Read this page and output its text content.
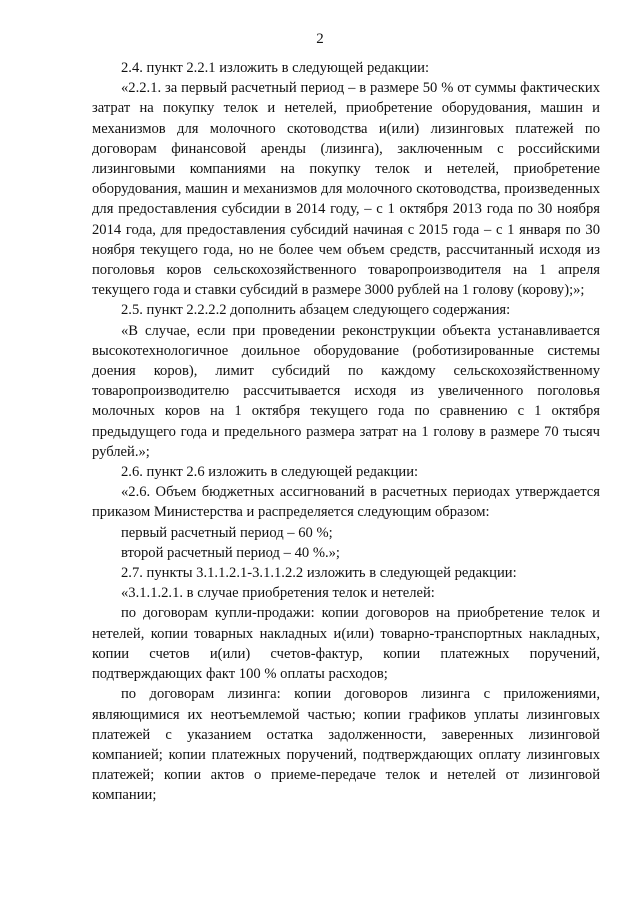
2

2.4. пункт 2.2.1 изложить в следующей редакции:

«2.2.1. за первый расчетный период – в размере 50 % от суммы фактических затрат на покупку телок и нетелей, приобретение оборудования, машин и механизмов для молочного скотоводства и(или) лизинговых платежей по договорам финансовой аренды (лизинга), заключенным с российскими лизинговыми компаниями на покупку телок и нетелей, приобретение оборудования, машин и механизмов для молочного скотоводства, произведенных для предоставления субсидии в 2014 году, – с 1 октября 2013 года по 30 ноября 2014 года, для предоставления субсидий начиная с 2015 года – с 1 января по 30 ноября текущего года, но не более чем объем средств, рассчитанный исходя из поголовья коров сельскохозяйственного товаропроизводителя на 1 апреля текущего года и ставки субсидий в размере 3000 рублей на 1 голову (корову);»;

2.5. пункт 2.2.2.2 дополнить абзацем следующего содержания:

«В случае, если при проведении реконструкции объекта устанавливается высокотехнологичное доильное оборудование (роботизированные системы доения коров), лимит субсидий по каждому сельскохозяйственному товаропроизводителю рассчитывается исходя из увеличенного поголовья молочных коров на 1 октября текущего года по сравнению с 1 октября предыдущего года и предельного размера затрат на 1 голову в размере 70 тысяч рублей.»;

2.6. пункт 2.6 изложить в следующей редакции:

«2.6. Объем бюджетных ассигнований в расчетных периодах утверждается приказом Министерства и распределяется следующим образом:

первый расчетный период – 60 %;

второй расчетный период – 40 %.»;

2.7. пункты 3.1.1.2.1-3.1.1.2.2 изложить в следующей редакции:

«3.1.1.2.1. в случае приобретения телок и нетелей:

по договорам купли-продажи: копии договоров на приобретение телок и нетелей, копии товарных накладных и(или) товарно-транспортных накладных, копии счетов и(или) счетов-фактур, копии платежных поручений, подтверждающих факт 100 % оплаты расходов;

по договорам лизинга: копии договоров лизинга с приложениями, являющимися их неотъемлемой частью; копии графиков уплаты лизинговых платежей с указанием остатка задолженности, заверенных лизинговой компанией; копии платежных поручений, подтверждающих оплату лизинговых платежей; копии актов о приеме-передаче телок и нетелей от лизинговой компании;
